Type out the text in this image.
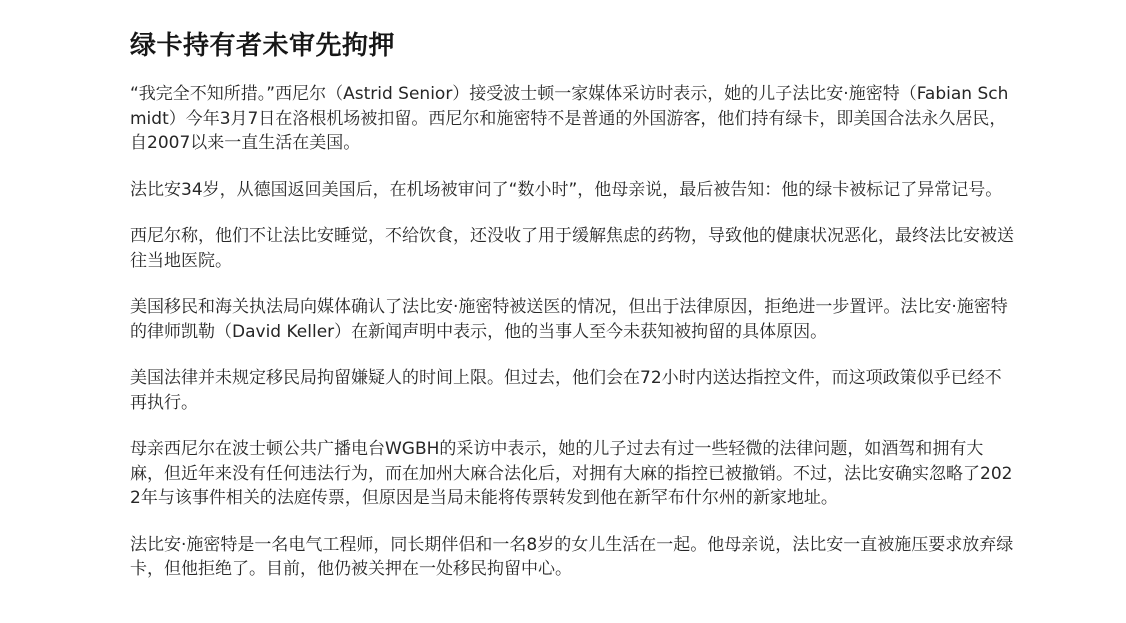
绿卡持有者未审先拘押

“我完全不知所措。”西尼尔（Astrid Senior）接受波士顿一家媒体采访时表示，她的儿子法比安·施密特（Fabian Schmidt）今年3月7日在洛根机场被扣留。西尼尔和施密特不是普通的外国游客，他们持有绿卡，即美国合法永久居民，自2007以来一直生活在美国。

法比安34岁，从德国返回美国后，在机场被审问了“数小时”，他母亲说，最后被告知：他的绿卡被标记了异常记号。

西尼尔称，他们不让法比安睡觉，不给饮食，还没收了用于缓解焦虑的药物，导致他的健康状况恶化，最终法比安被送往当地医院。

美国移民和海关执法局向媒体确认了法比安·施密特被送医的情况，但出于法律原因，拒绝进一步置评。法比安·施密特的律师凯勒（David Keller）在新闻声明中表示，他的当事人至今未获知被拘留的具体原因。

美国法律并未规定移民局拘留嫌疑人的时间上限。但过去，他们会在72小时内送达指控文件，而这项政策似乎已经不再执行。

母亲西尼尔在波士顿公共广播电台WGBH的采访中表示，她的儿子过去有过一些轻微的法律问题，如酒驾和拥有大麻，但近年来没有任何违法行为，而在加州大麻合法化后，对拥有大麻的指控已被撤销。不过，法比安确实忽略了2022年与该事件相关的法庭传票，但原因是当局未能将传票转发到他在新罕布什尔州的新家地址。

法比安·施密特是一名电气工程师，同长期伴侣和一名8岁的女儿生活在一起。他母亲说，法比安一直被施压要求放弃绿卡，但他拒绝了。目前，他仍被关押在一处移民拘留中心。
